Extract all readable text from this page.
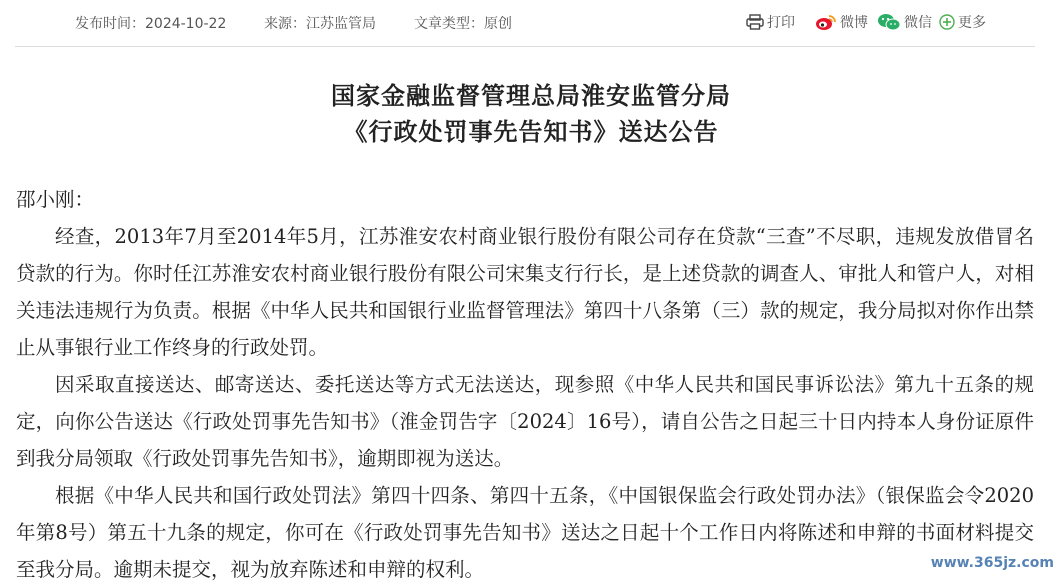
发布时间：2024-10-22	来源：江苏监管局	文章类型：原创	打印	微博	微信 更多
国家金融监督管理总局淮安监管分局
《行政处罚事先告知书》送达公告

邵小刚：

经查，2013年7月至2014年5月，江苏淮安农村商业银行股份有限公司存在贷款“三查”不尽职，违规发放借冒名贷款的行为。你时任江苏淮安农村商业银行股份有限公司宋集支行行长，是上述贷款的调查人、审批人和管户人，对相关违法违规行为负责。根据《中华人民共和国银行业监督管理法》第四十八条第（三）款的规定，我分局拟对你作出禁止从事银行业工作终身的行政处罚。

因采取直接送达、邮寄送达、委托送达等方式无法送达，现参照《中华人民共和国民事诉讼法》第九十五条的规定，向你公告送达《行政处罚事先告知书》（淮金罚告字〔2024〕16号），请自公告之日起三十日内持本人身份证原件到我分局领取《行政处罚事先告知书》，逾期即视为送达。

根据《中华人民共和国行政处罚法》第四十四条、第四十五条，《中国银保监会行政处罚办法》（银保监会令2020年第8号）第五十九条的规定，你可在《行政处罚事先告知书》送达之日起十个工作日内将陈述和申辩的书面材料提交至我分局。逾期未提交，视为放弃陈述和申辩的权利。	www.365jz.com
